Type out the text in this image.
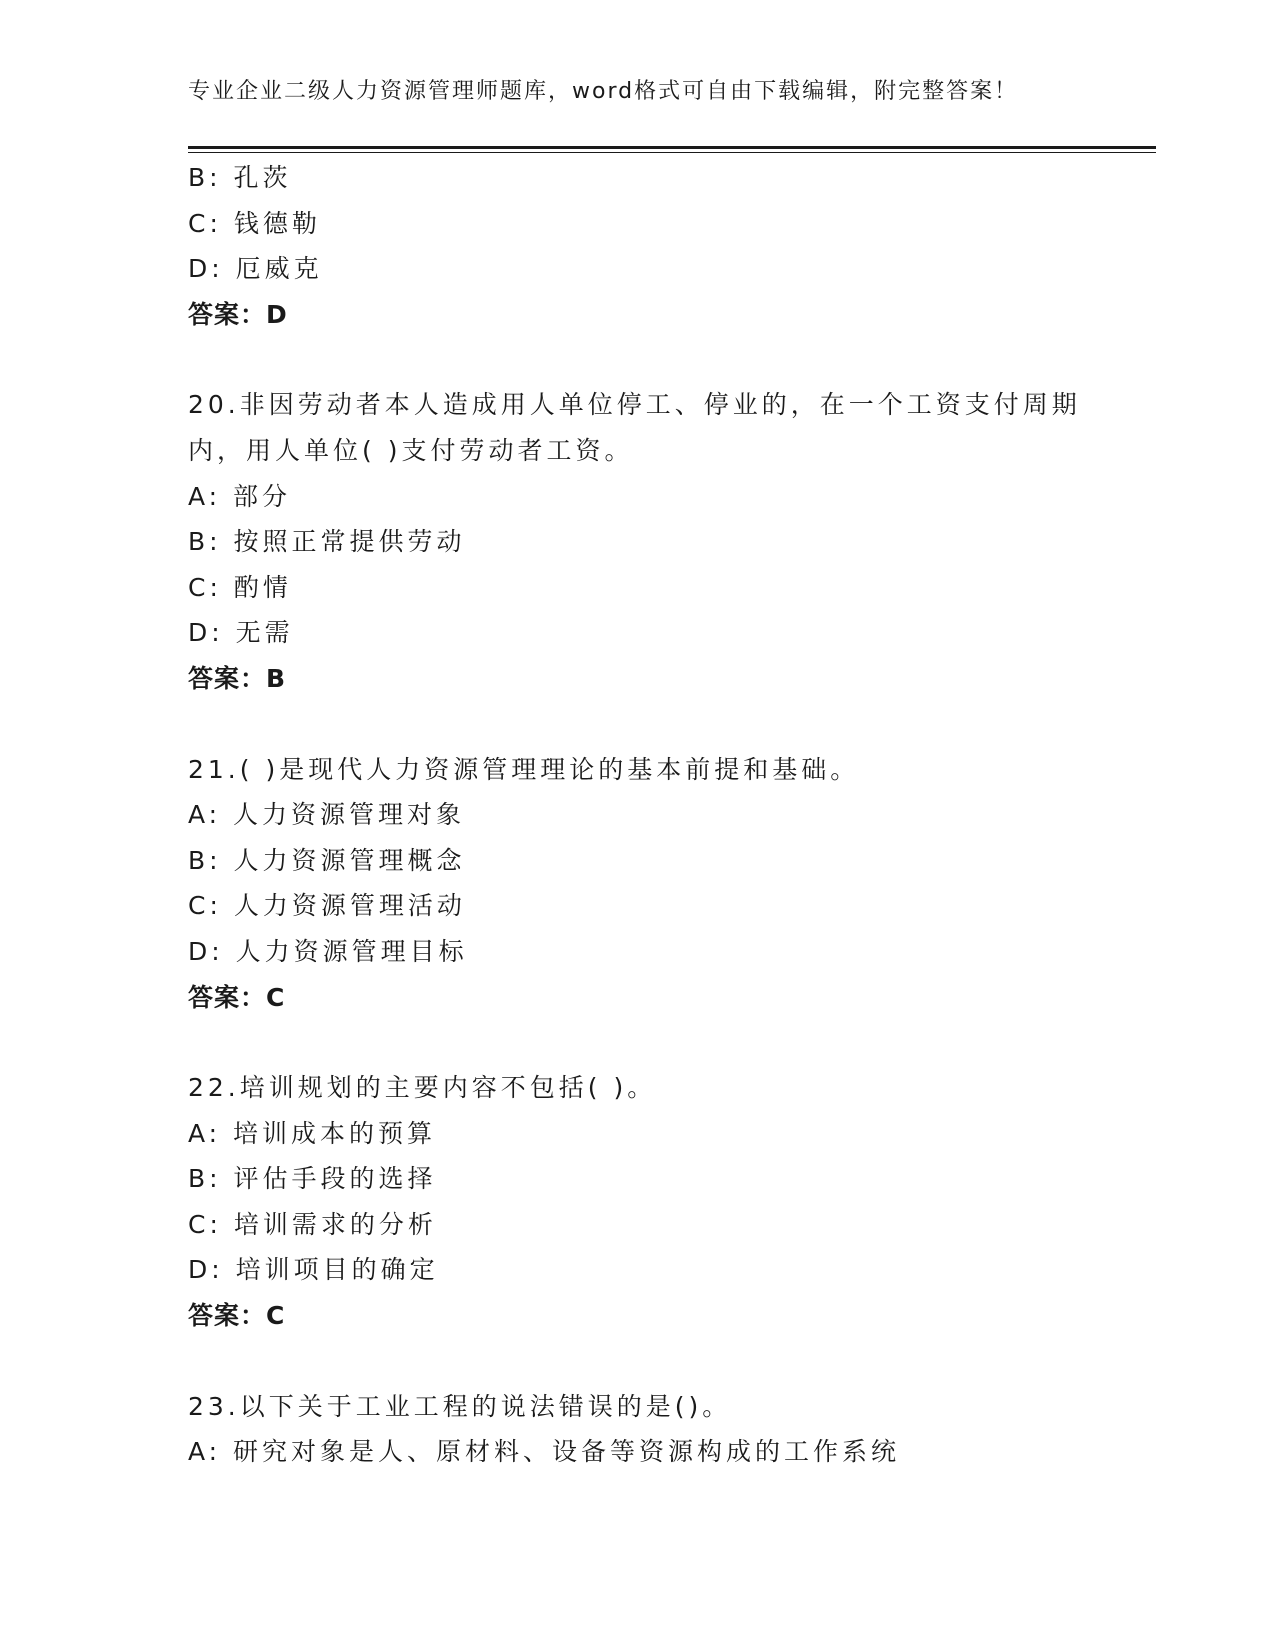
专业企业二级人力资源管理师题库，word格式可自由下载编辑，附完整答案！
B: 孔茨
C: 钱德勒
D: 厄威克
答案：D
20.非因劳动者本人造成用人单位停工、停业的，在一个工资支付周期
内，用人单位( )支付劳动者工资。
A: 部分
B: 按照正常提供劳动
C: 酌情
D: 无需
答案：B
21.( )是现代人力资源管理理论的基本前提和基础。
A: 人力资源管理对象
B: 人力资源管理概念
C: 人力资源管理活动
D: 人力资源管理目标
答案：C
22.培训规划的主要内容不包括( )。
A: 培训成本的预算
B: 评估手段的选择
C: 培训需求的分析
D: 培训项目的确定
答案：C
23.以下关于工业工程的说法错误的是()。
A: 研究对象是人、原材料、设备等资源构成的工作系统
